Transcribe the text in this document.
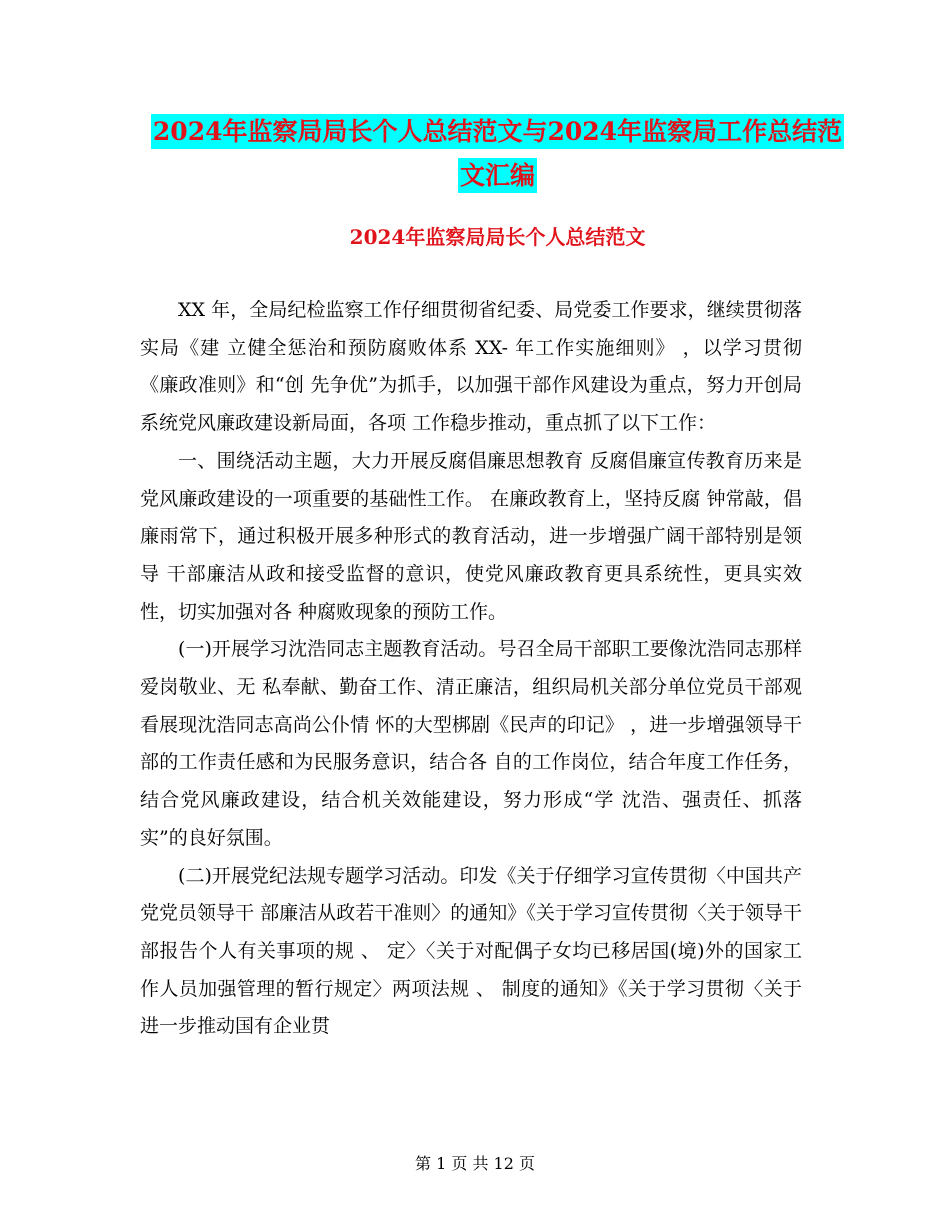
2024年监察局局长个人总结范文与2024年监察局工作总结范文汇编
2024年监察局局长个人总结范文

XX 年，全局纪检监察工作仔细贯彻省纪委、局党委工作要求，继续贯彻落实局《建 立健全惩治和预防腐败体系 XX- 年工作实施细则》 ，以学习贯彻《廉政准则》和“创 先争优”为抓手，以加强干部作风建设为重点，努力开创局系统党风廉政建设新局面，各项 工作稳步推动，重点抓了以下工作：

一、围绕活动主题，大力开展反腐倡廉思想教育 反腐倡廉宣传教育历来是党风廉政建设的一项重要的基础性工作。 在廉政教育上，坚持反腐 钟常敲，倡廉雨常下，通过积极开展多种形式的教育活动，进一步增强广阔干部特别是领导 干部廉洁从政和接受监督的意识，使党风廉政教育更具系统性，更具实效性，切实加强对各 种腐败现象的预防工作。

(一)开展学习沈浩同志主题教育活动。号召全局干部职工要像沈浩同志那样爱岗敬业、无 私奉献、勤奋工作、清正廉洁，组织局机关部分单位党员干部观看展现沈浩同志高尚公仆情 怀的大型梆剧《民声的印记》 ，进一步增强领导干部的工作责任感和为民服务意识，结合各 自的工作岗位，结合年度工作任务，结合党风廉政建设，结合机关效能建设，努力形成“学 沈浩、强责任、抓落实”的良好氛围。

(二)开展党纪法规专题学习活动。印发《关于仔细学习宣传贯彻〈中国共产党党员领导干 部廉洁从政若干准则〉的通知》《关于学习宣传贯彻〈关于领导干部报告个人有关事项的规 、 定〉〈关于对配偶子女均已移居国(境)外的国家工作人员加强管理的暂行规定〉两项法规 、 制度的通知》《关于学习贯彻〈关于进一步推动国有企业贯

第 1 页 共 12 页
